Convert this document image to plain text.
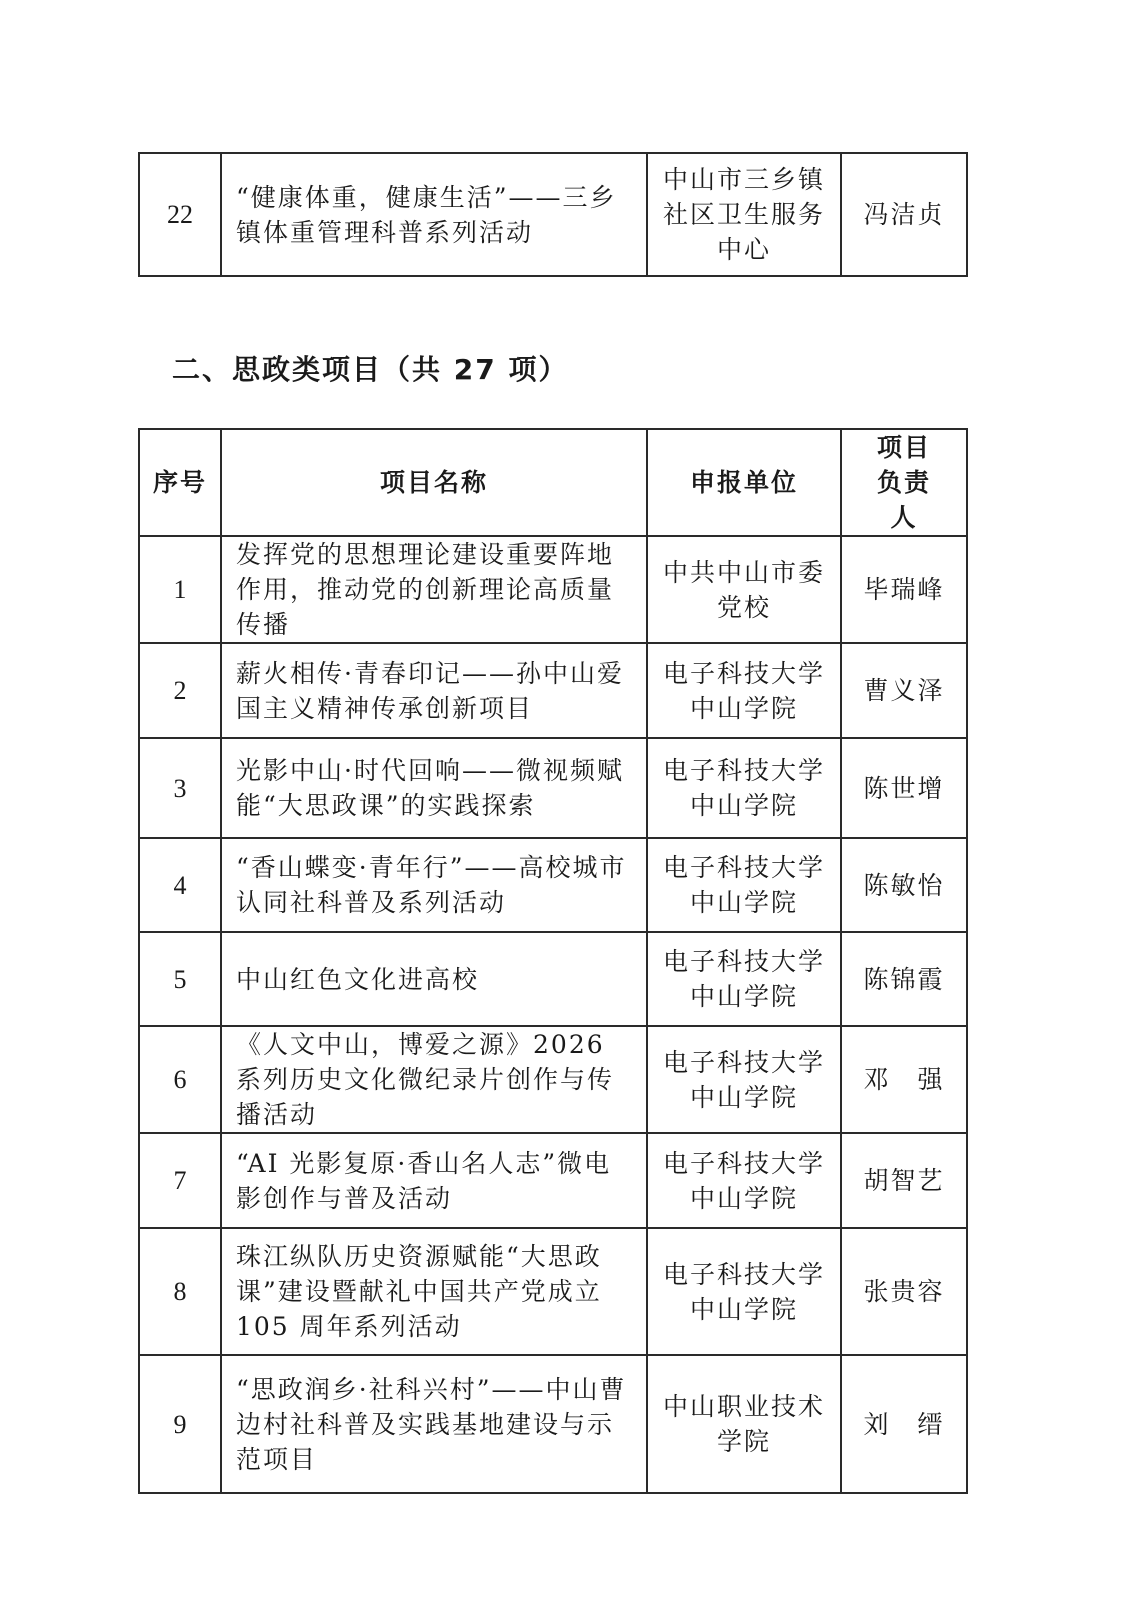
22	“健康体重，健康生活”——三乡镇体重管理科普系列活动	中山市三乡镇社区卫生服务中心	冯洁贞
二、思政类项目（共 27 项）
序号	项目名称	申报单位	项目负责人
1	发挥党的思想理论建设重要阵地作用，推动党的创新理论高质量传播	中共中山市委党校	毕瑞峰
2	薪火相传·青春印记——孙中山爱国主义精神传承创新项目	电子科技大学中山学院	曹义泽
3	光影中山·时代回响——微视频赋能“大思政课”的实践探索	电子科技大学中山学院	陈世增
4	“香山蝶变·青年行”——高校城市认同社科普及系列活动	电子科技大学中山学院	陈敏怡
5	中山红色文化进高校	电子科技大学中山学院	陈锦霞
6	《人文中山，博爱之源》2026 系列历史文化微纪录片创作与传播活动	电子科技大学中山学院	邓　强
7	“AI 光影复原·香山名人志”微电影创作与普及活动	电子科技大学中山学院	胡智艺
8	珠江纵队历史资源赋能“大思政课”建设暨献礼中国共产党成立 105 周年系列活动	电子科技大学中山学院	张贵容
9	“思政润乡·社科兴村”——中山曹边村社科普及实践基地建设与示范项目	中山职业技术学院	刘　缙
